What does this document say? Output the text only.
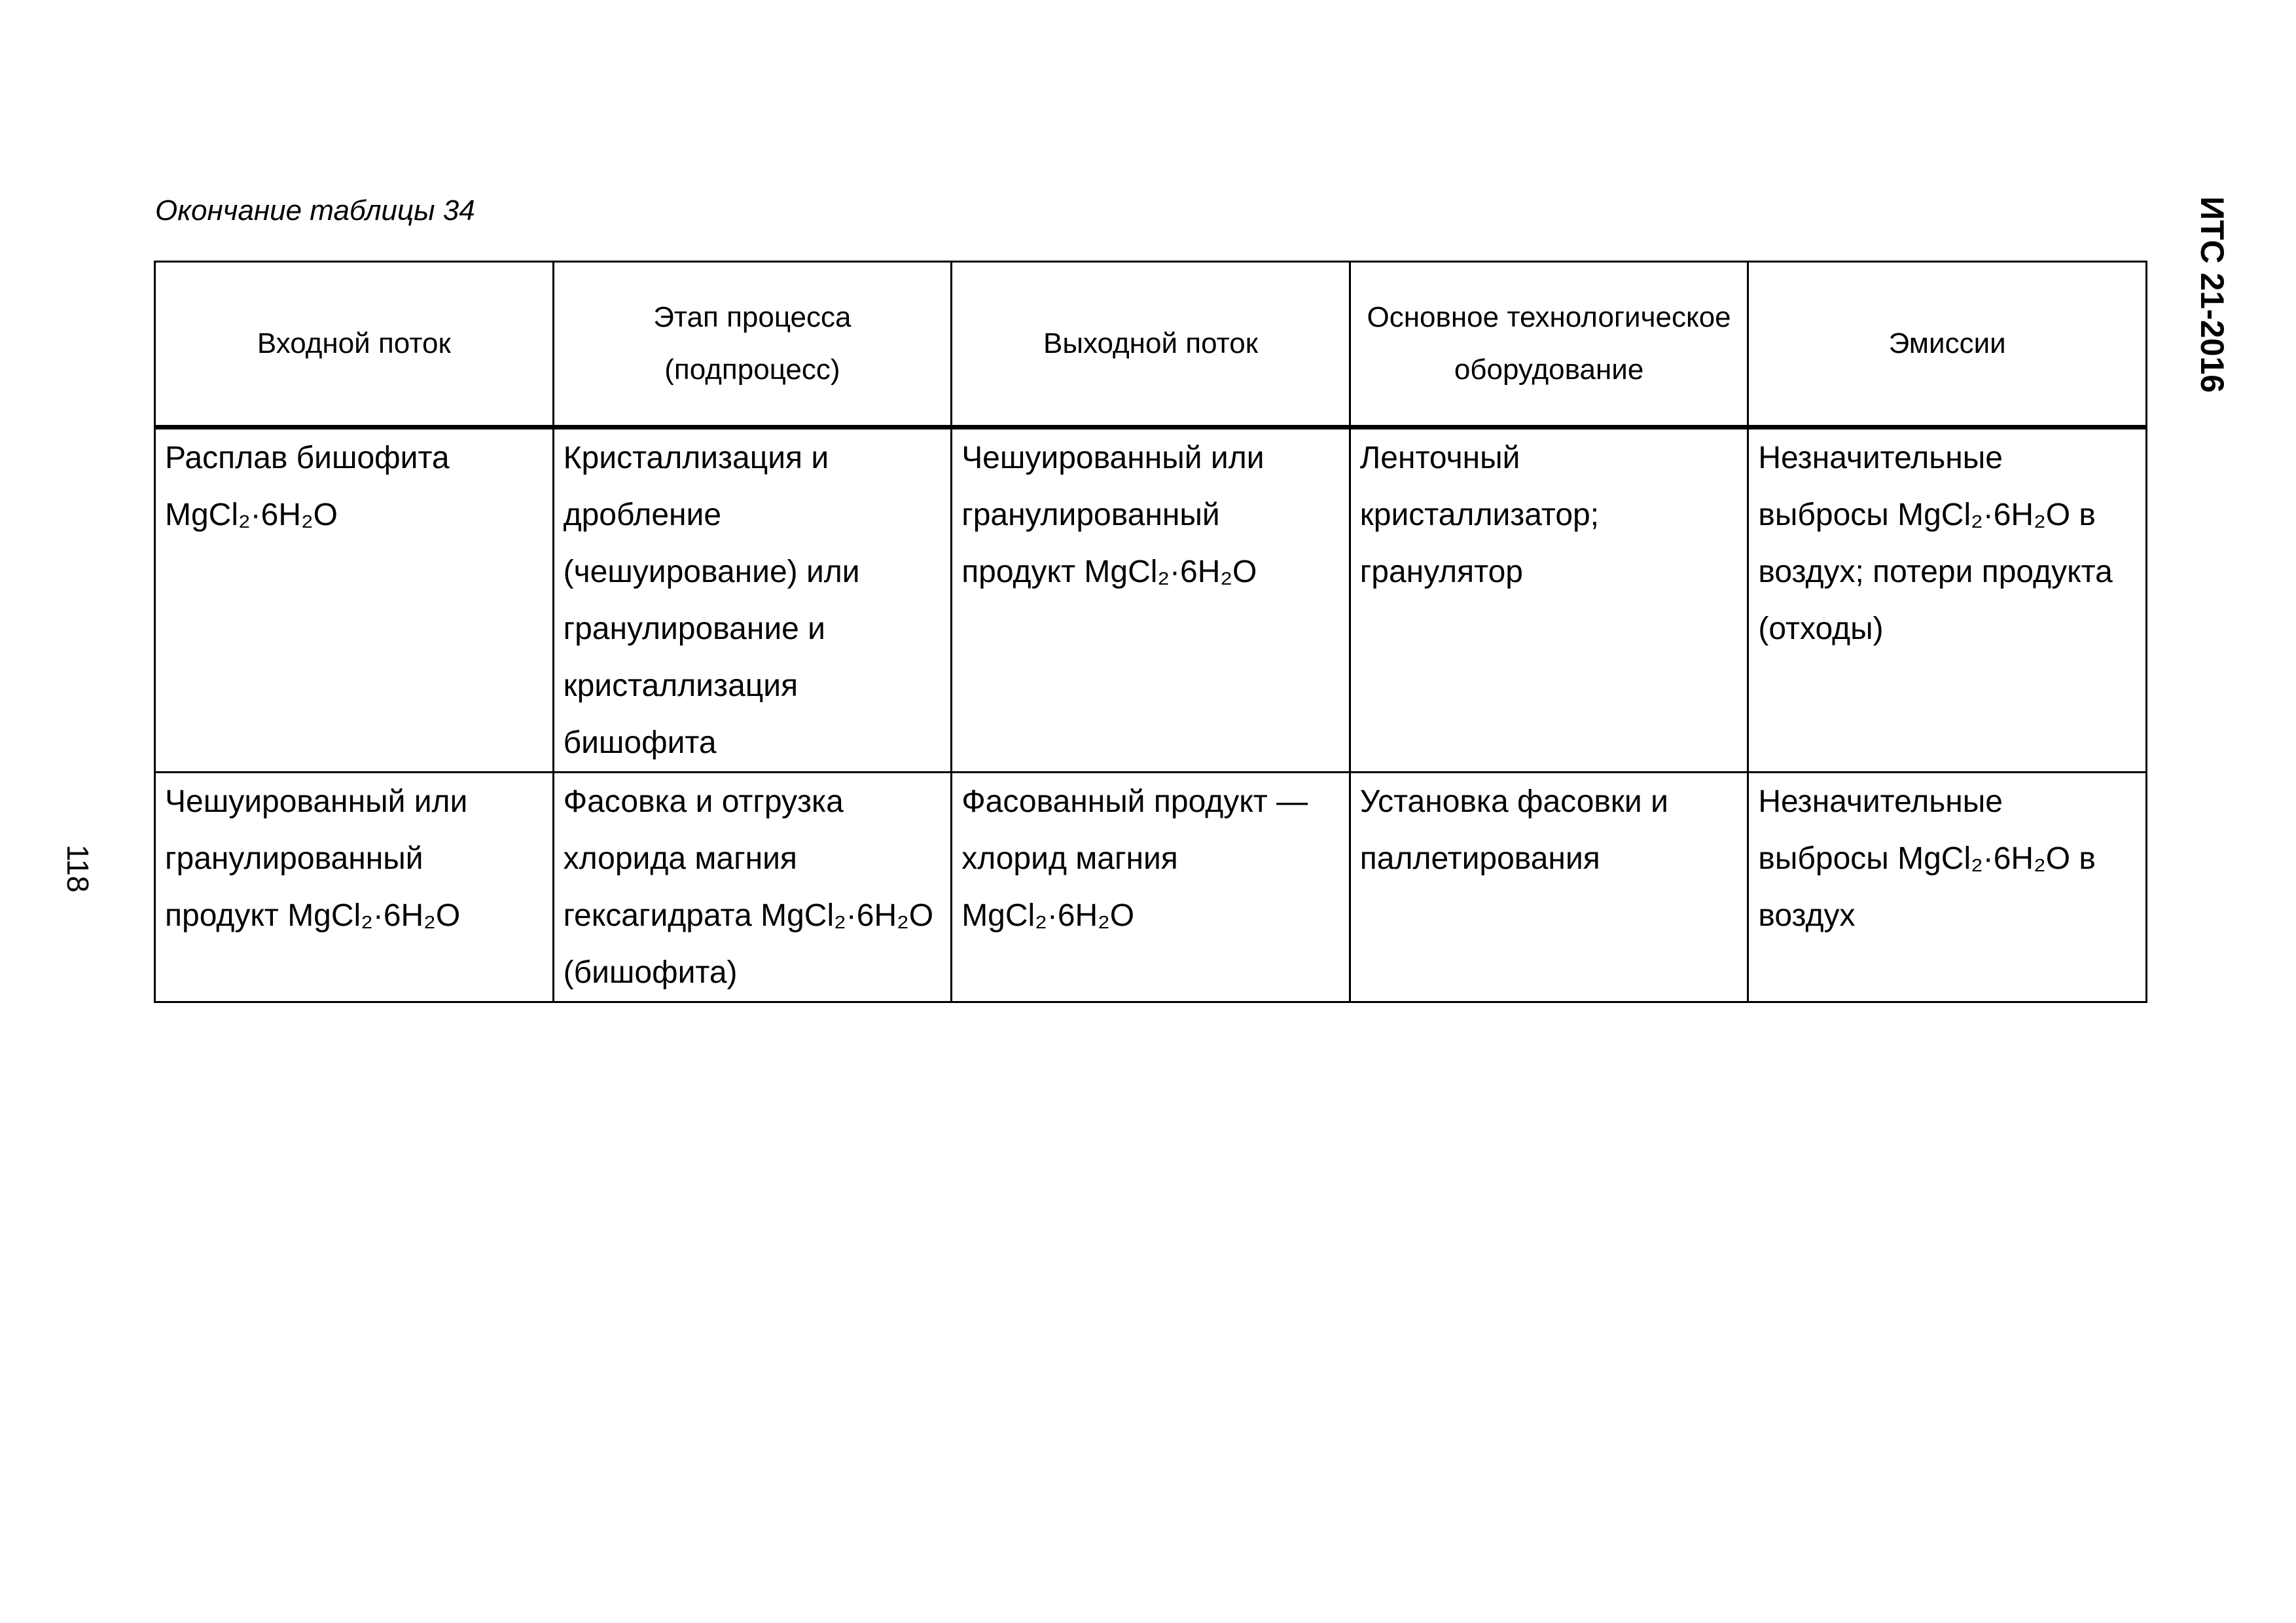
Окончание таблицы 34	ИТС 21-2016
118
Входной поток	Этап процесса (подпроцесс)	Выходной поток	Основное технологическое оборудование	Эмиссии
Расплав бишофита MgCl₂·6H₂O	Кристаллизация и дробление (чешуирование) или гранулирование и кристаллизация бишофита	Чешуированный или гранулированный продукт MgCl₂·6H₂O	Ленточный кристаллизатор; гранулятор	Незначительные выбросы MgCl₂·6H₂O в воздух; потери продукта (отходы)
Чешуированный или гранулированный продукт MgCl₂·6H₂O	Фасовка и отгрузка хлорида магния гексагидрата MgCl₂·6H₂O (бишофита)	Фасованный продукт — хлорид магния MgCl₂·6H₂O	Установка фасовки и паллетирования	Незначительные выбросы MgCl₂·6H₂O в воздух
